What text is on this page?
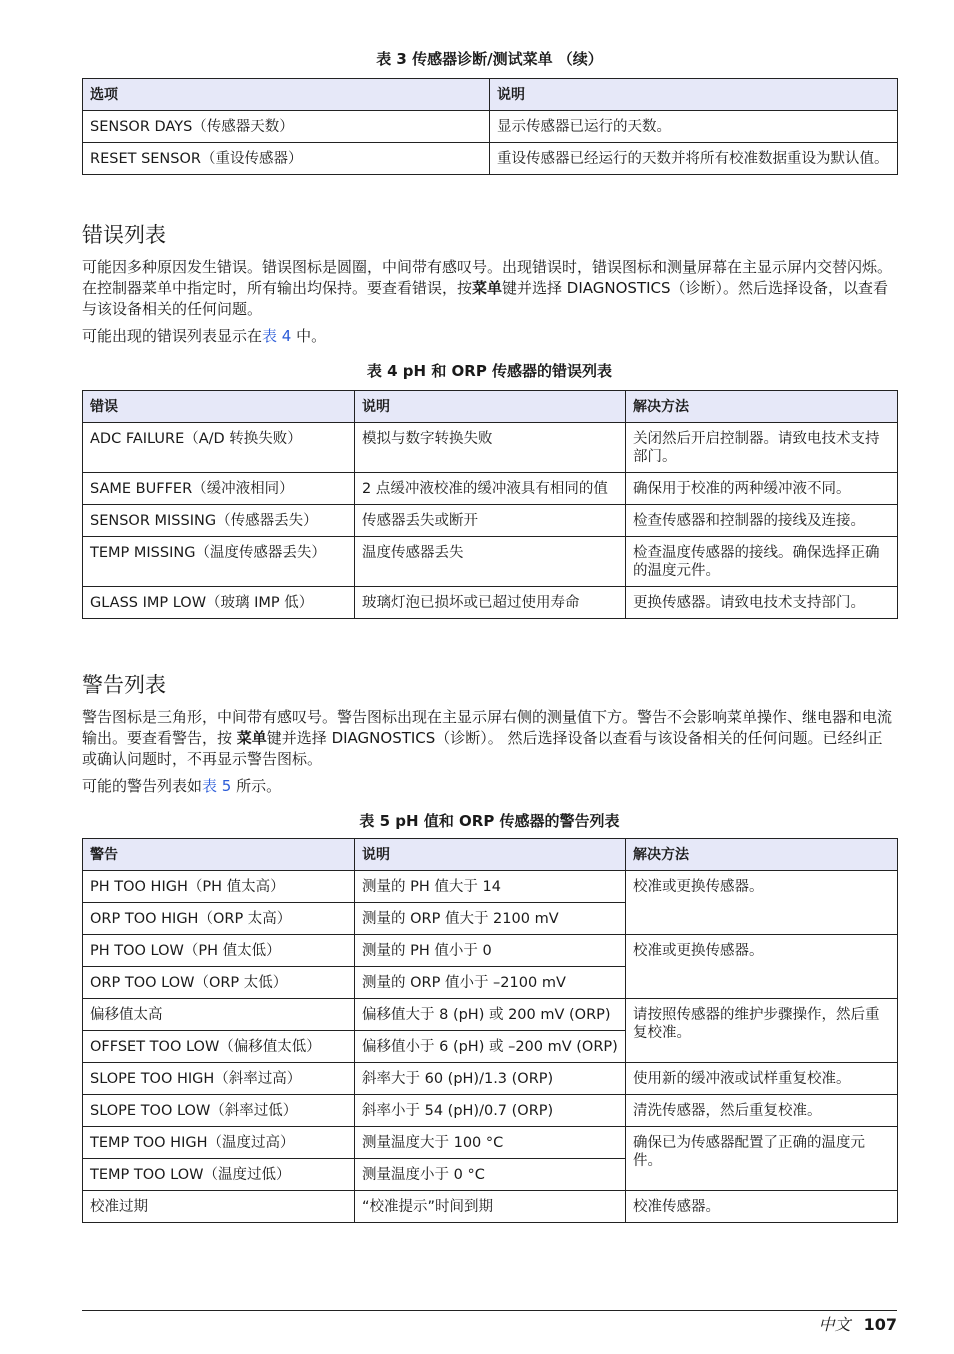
表 3 传感器诊断/测试菜单 （续）

选项	说明
SENSOR DAYS（传感器天数）	显示传感器已运行的天数。
RESET SENSOR（重设传感器）	重设传感器已经运行的天数并将所有校准数据重设为默认值。
错误列表

可能因多种原因发生错误。错误图标是圆圈，中间带有感叹号。出现错误时，错误图标和测量屏幕在主显示屏内交替闪烁。在控制器菜单中指定时，所有输出均保持。要查看错误，按菜单键并选择 DIAGNOSTICS（诊断）。然后选择设备，以查看与该设备相关的任何问题。

可能出现的错误列表显示在表 4 中。

表 4 pH 和 ORP 传感器的错误列表

错误	说明	解决方法
ADC FAILURE（A/D 转换失败）	模拟与数字转换失败	关闭然后开启控制器。请致电技术支持部门。
SAME BUFFER（缓冲液相同）	2 点缓冲液校准的缓冲液具有相同的值	确保用于校准的两种缓冲液不同。
SENSOR MISSING（传感器丢失）	传感器丢失或断开	检查传感器和控制器的接线及连接。
TEMP MISSING（温度传感器丢失）	温度传感器丢失	检查温度传感器的接线。确保选择正确的温度元件。
GLASS IMP LOW（玻璃 IMP 低）	玻璃灯泡已损坏或已超过使用寿命	更换传感器。请致电技术支持部门。
警告列表

警告图标是三角形，中间带有感叹号。警告图标出现在主显示屏右侧的测量值下方。警告不会影响菜单操作、继电器和电流输出。要查看警告，按 菜单键并选择 DIAGNOSTICS（诊断）。 然后选择设备以查看与该设备相关的任何问题。已经纠正或确认问题时，不再显示警告图标。

可能的警告列表如表 5 所示。

表 5 pH 值和 ORP 传感器的警告列表

警告	说明	解决方法
PH TOO HIGH（PH 值太高）	测量的 PH 值大于 14	校准或更换传感器。
ORP TOO HIGH（ORP 太高）	测量的 ORP 值大于 2100 mV	
PH TOO LOW（PH 值太低）	测量的 PH 值小于 0	校准或更换传感器。
ORP TOO LOW（ORP 太低）	测量的 ORP 值小于 –2100 mV	
偏移值太高	偏移值大于 8 (pH) 或 200 mV (ORP)	请按照传感器的维护步骤操作，然后重复校准。
OFFSET TOO LOW（偏移值太低）	偏移值小于 6 (pH) 或 –200 mV (ORP)	
SLOPE TOO HIGH（斜率过高）	斜率大于 60 (pH)/1.3 (ORP)	使用新的缓冲液或试样重复校准。
SLOPE TOO LOW（斜率过低）	斜率小于 54 (pH)/0.7 (ORP)	清洗传感器，然后重复校准。
TEMP TOO HIGH（温度过高）	测量温度大于 100 °C	确保已为传感器配置了正确的温度元件。
TEMP TOO LOW（温度过低）	测量温度小于 0 °C	
校准过期	“校准提示”时间到期	校准传感器。
中文 107
